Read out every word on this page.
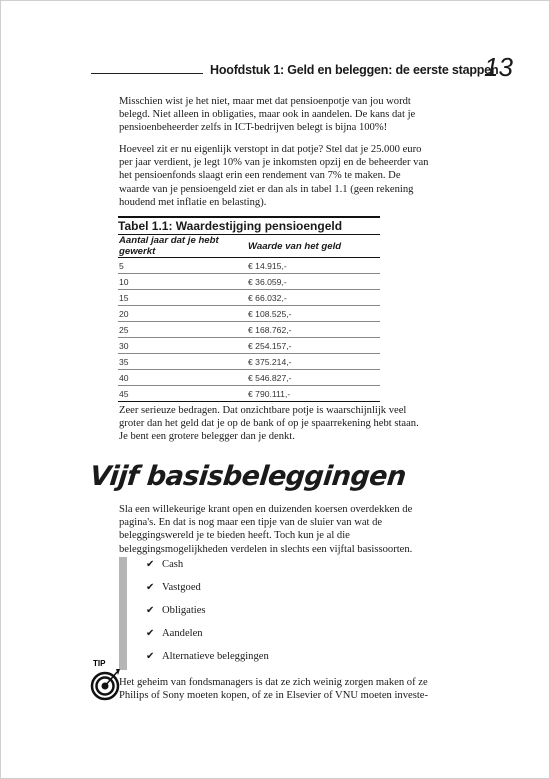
Hoofdstuk 1: Geld en beleggen: de eerste stappen
13
Misschien wist je het niet, maar met dat pensioenpotje van jou wordt belegd. Niet alleen in obligaties, maar ook in aandelen. De kans dat je pensioenbeheerder zelfs in ICT-bedrijven belegt is bijna 100%!
Hoeveel zit er nu eigenlijk verstopt in dat potje? Stel dat je 25.000 euro per jaar verdient, je legt 10% van je inkomsten opzij en de beheerder van het pensioenfonds slaagt erin een rendement van 7% te maken. De waarde van je pensioengeld ziet er dan als in tabel 1.1 (geen rekening houdend met inflatie en belasting).
Tabel 1.1: Waardestijging pensioengeld
Aantal jaar dat je hebt gewerkt	Waarde van het geld
5	€ 14.915,-
10	€ 36.059,-
15	€ 66.032,-
20	€ 108.525,-
25	€ 168.762,-
30	€ 254.157,-
35	€ 375.214,-
40	€ 546.827,-
45	€ 790.111,-
Zeer serieuze bedragen. Dat onzichtbare potje is waarschijnlijk veel groter dan het geld dat je op de bank of op je spaarrekening hebt staan. Je bent een grotere belegger dan je denkt.
Vijf basisbeleggingen
Sla een willekeurige krant open en duizenden koersen overdekken de pagina's. En dat is nog maar een tipje van de sluier van wat de beleggingswereld je te bieden heeft. Toch kun je al die beleggingsmogelijkheden verdelen in slechts een vijftal basissoorten.
✔ Cash
✔ Vastgoed
✔ Obligaties
✔ Aandelen
✔ Alternatieve beleggingen
TIP
Het geheim van fondsmanagers is dat ze zich weinig zorgen maken of ze Philips of Sony moeten kopen, of ze in Elsevier of VNU moeten investe-
